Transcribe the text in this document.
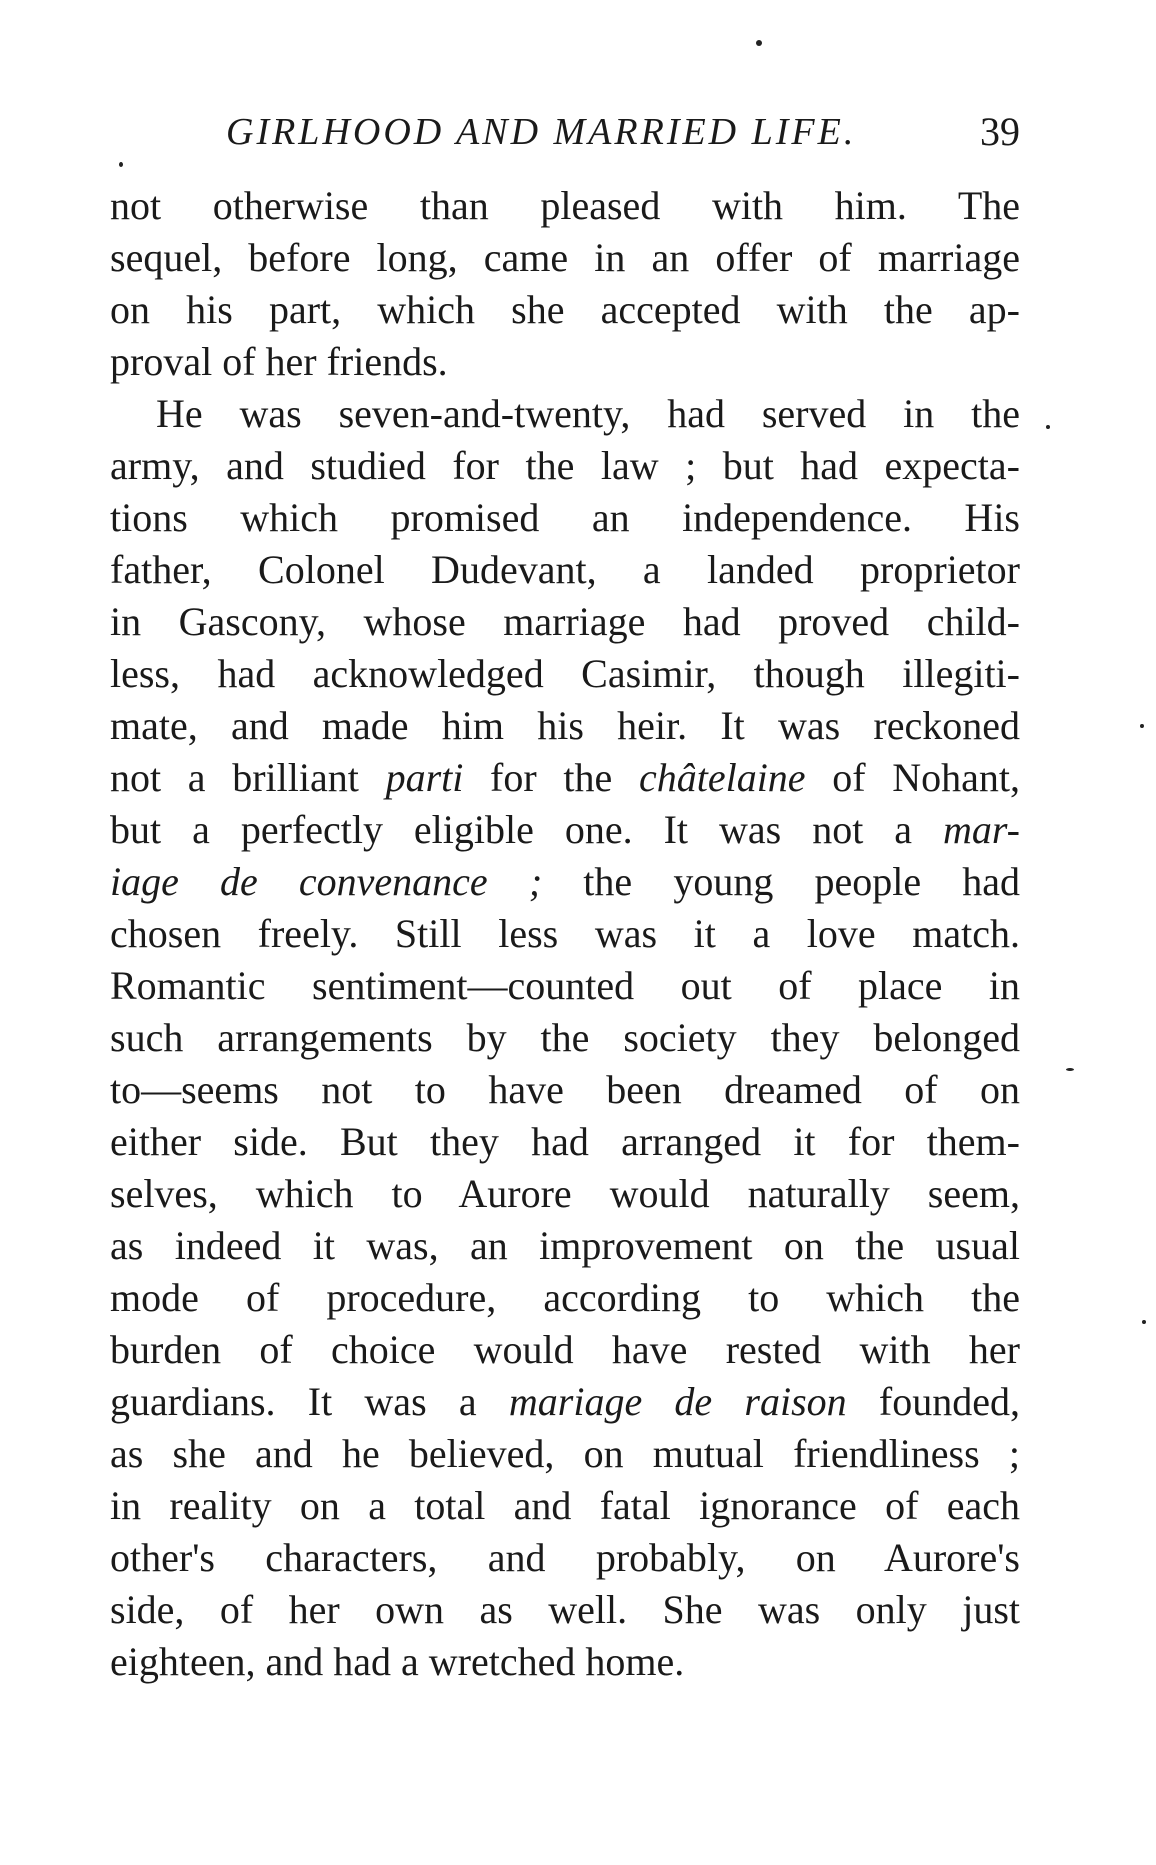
GIRLHOOD AND MARRIED LIFE.	39
not otherwise than pleased with him. The
sequel, before long, came in an offer of marriage
on his part, which she accepted with the ap-
proval of her friends.
He was seven-and-twenty, had served in the
army, and studied for the law ; but had expecta-
tions which promised an independence. His
father, Colonel Dudevant, a landed proprietor
in Gascony, whose marriage had proved child-
less, had acknowledged Casimir, though illegiti-
mate, and made him his heir. It was reckoned
not a brilliant parti for the châtelaine of Nohant,
but a perfectly eligible one. It was not a mar-
iage de convenance ; the young people had
chosen freely. Still less was it a love match.
Romantic sentiment—counted out of place in
such arrangements by the society they belonged
to—seems not to have been dreamed of on
either side. But they had arranged it for them-
selves, which to Aurore would naturally seem,
as indeed it was, an improvement on the usual
mode of procedure, according to which the
burden of choice would have rested with her
guardians. It was a mariage de raison founded,
as she and he believed, on mutual friendliness ;
in reality on a total and fatal ignorance of each
other's characters, and probably, on Aurore's
side, of her own as well. She was only just
eighteen, and had a wretched home.
